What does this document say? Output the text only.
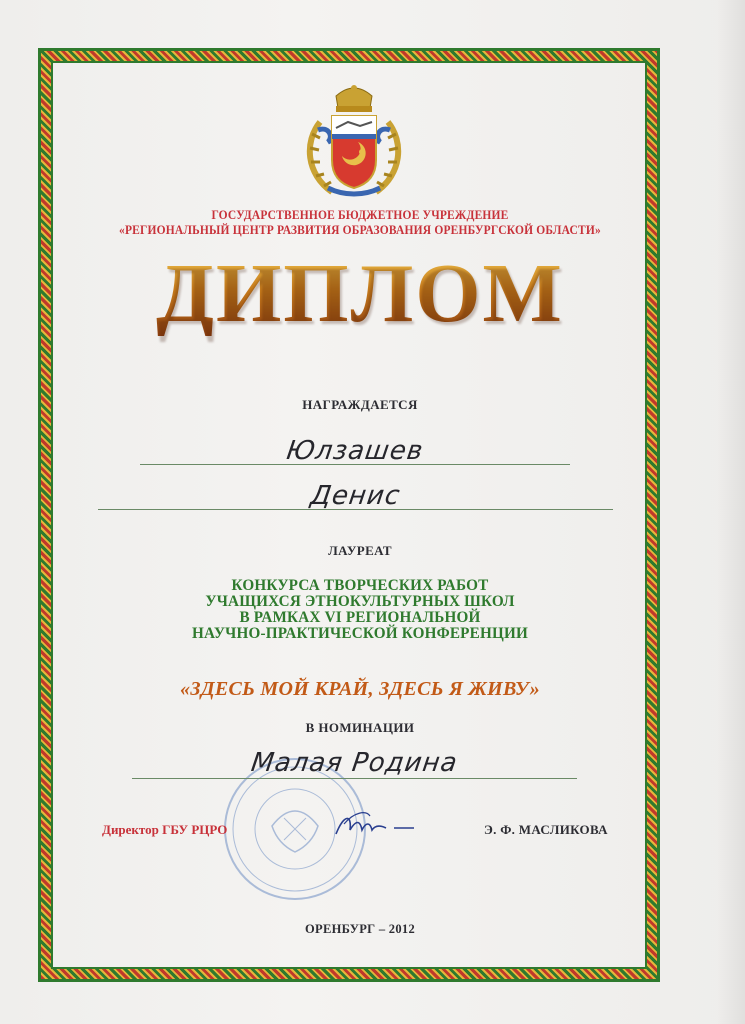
ГОСУДАРСТВЕННОЕ БЮДЖЕТНОЕ УЧРЕЖДЕНИЕ
«РЕГИОНАЛЬНЫЙ ЦЕНТР РАЗВИТИЯ ОБРАЗОВАНИЯ ОРЕНБУРГСКОЙ ОБЛАСТИ»
ДИПЛОМ
НАГРАЖДАЕТСЯ
Юлзашев
Денис
ЛАУРЕАТ
КОНКУРСА ТВОРЧЕСКИХ РАБОТ
УЧАЩИХСЯ ЭТНОКУЛЬТУРНЫХ ШКОЛ
В РАМКАХ VI РЕГИОНАЛЬНОЙ
НАУЧНО-ПРАКТИЧЕСКОЙ КОНФЕРЕНЦИИ
«ЗДЕСЬ МОЙ КРАЙ, ЗДЕСЬ Я ЖИВУ»
В НОМИНАЦИИ
Малая Родина
Директор ГБУ РЦРО	Э. Ф. МАСЛИКОВА
ОРЕНБУРГ – 2012
